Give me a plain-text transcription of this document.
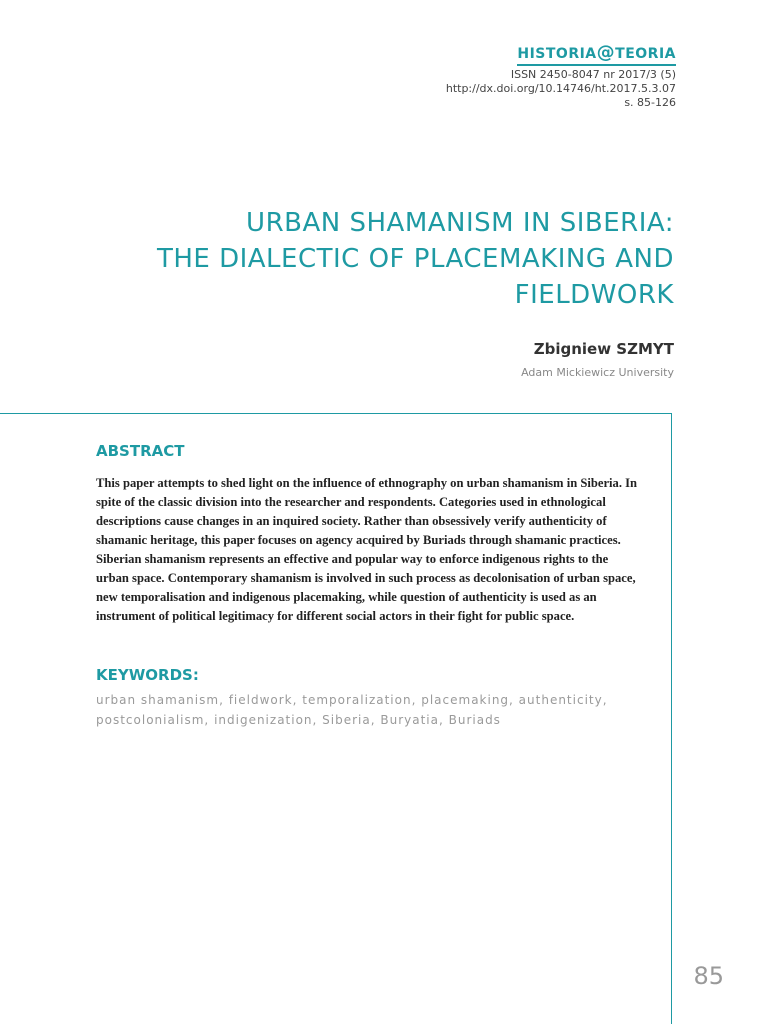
HISTORIA@TEORIA
ISSN 2450-8047 nr 2017/3 (5)
http://dx.doi.org/10.14746/ht.2017.5.3.07
s. 85-126
URBAN SHAMANISM IN SIBERIA:
THE DIALECTIC OF PLACEMAKING AND
FIELDWORK
Zbigniew SZMYT
Adam Mickiewicz University
ABSTRACT

This paper attempts to shed light on the influence of ethnography on urban shamanism in Siberia. In spite of the classic division into the researcher and respondents. Categories used in ethnological descriptions cause changes in an inquired society. Rather than obsessively verify authenticity of shamanic heritage, this paper focuses on agency acquired by Buriads through shamanic practices. Siberian shamanism represents an effective and popular way to enforce indigenous rights to the urban space. Contemporary shamanism is involved in such process as decolonisation of urban space, new temporalisation and indigenous placemaking, while question of authenticity is used as an instrument of political legitimacy for different social actors in their fight for public space.

KEYWORDS:

urban shamanism, fieldwork, temporalization, placemaking, authenticity, postcolonialism, indigenization, Siberia, Buryatia, Buriads

85
